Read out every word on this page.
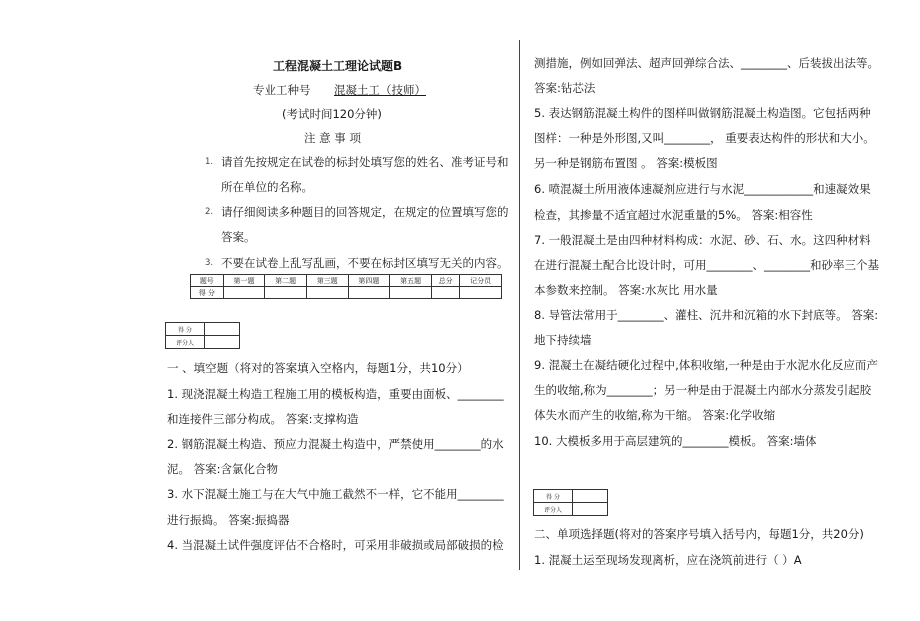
工程混凝土工理论试题B
专业工种号	混凝土工（技师）
(考试时间120分钟)
注 意 事 项
1. 请首先按规定在试卷的标封处填写您的姓名、准考证号和
所在单位的名称。
2. 请仔细阅读多种题目的回答规定，在规定的位置填写您的
答案。
3. 不要在试卷上乱写乱画，不要在标封区填写无关的内容。
题号	第一题	第二题	第三题	第四题	第五题	总分	记分员
得 分							
得 分	
评分人	
一 、填空题（将对的答案填入空格内，每题1分，共10分）
1. 现浇混凝土构造工程施工用的模板构造，重要由面板、________
和连接件三部分构成。 答案:支撑构造
2. 钢筋混凝土构造、预应力混凝土构造中，严禁使用________的水
泥。 答案:含氯化合物
3. 水下混凝土施工与在大气中施工截然不一样，它不能用________
进行振捣。 答案:振捣器
4. 当混凝土试件强度评估不合格时，可采用非破损或局部破损的检
测措施，例如回弹法、超声回弹综合法、________、后装拔出法等。
答案:钻芯法
5. 表达钢筋混凝土构件的图样叫做钢筋混凝土构造图。它包括两种
图样：一种是外形图,又叫________， 重要表达构件的形状和大小。
另一种是钢筋布置图 。 答案:模板图
6. 喷混凝土所用液体速凝剂应进行与水泥____________和速凝效果
检查，其掺量不适宜超过水泥重量的5%。 答案:相容性
7. 一般混凝土是由四种材料构成：水泥、砂、石、水。这四种材料
在进行混凝土配合比设计时，可用________、________和砂率三个基
本参数来控制。 答案:水灰比 用水量
8. 导管法常用于________、灌柱、沉井和沉箱的水下封底等。 答案:
地下持续墙
9. 混凝土在凝结硬化过程中,体积收缩,一种是由于水泥水化反应而产
生的收缩,称为________；另一种是由于混凝土内部水分蒸发引起胶
体失水而产生的收缩,称为干缩。 答案:化学收缩
10. 大模板多用于高层建筑的________模板。 答案:墙体
得 分	
评分人	
二、单项选择题(将对的答案序号填入括号内，每题1分，共20分)
1. 混凝土运至现场发现离析，应在浇筑前进行（ ）A
